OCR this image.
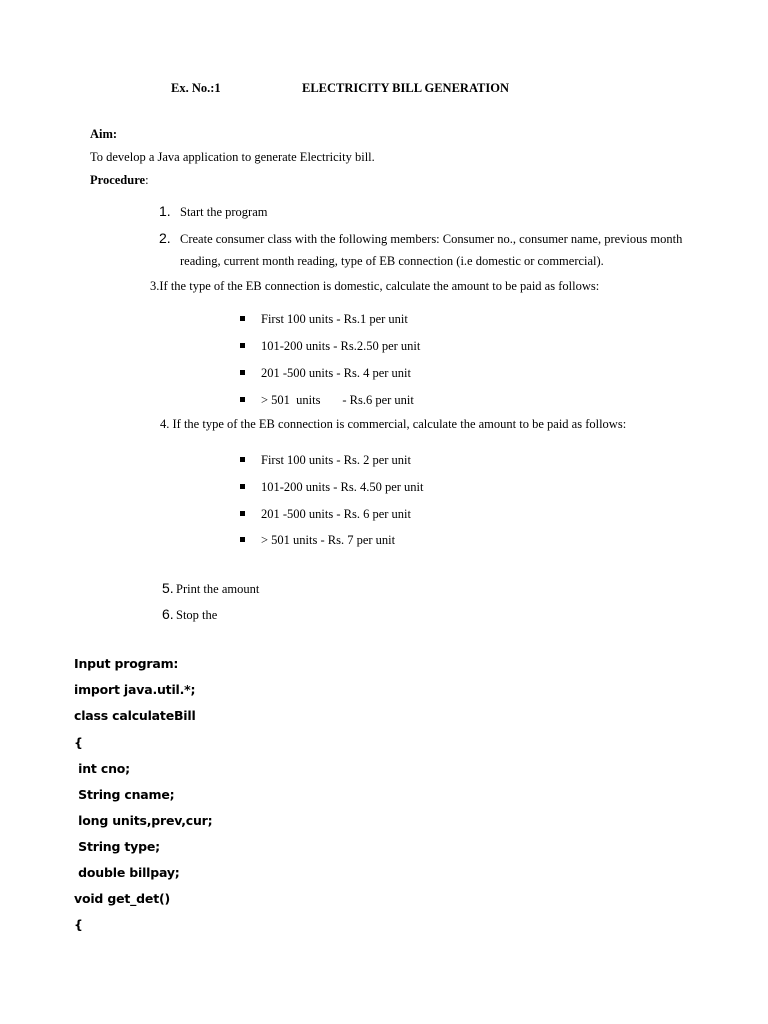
Ex. No.:1	ELECTRICITY BILL GENERATION
Aim:
To develop a Java application to generate Electricity bill.
Procedure:
1. Start the program
2. Create consumer class with the following members: Consumer no., consumer name, previous month
reading, current month reading, type of EB connection (i.e domestic or commercial).
3.If the type of the EB connection is domestic, calculate the amount to be paid as follows:
First 100 units - Rs.1 per unit
101-200 units - Rs.2.50 per unit
201 -500 units - Rs. 4 per unit
> 501  units       - Rs.6 per unit
4. If the type of the EB connection is commercial, calculate the amount to be paid as follows:
First 100 units - Rs. 2 per unit
101-200 units - Rs. 4.50 per unit
201 -500 units - Rs. 6 per unit
> 501 units - Rs. 7 per unit
5. Print the amount
6. Stop the
Input program:
import java.util.*;
class calculateBill
{
int cno;
String cname;
long units,prev,cur;
String type;
double billpay;
void get_det()
{
